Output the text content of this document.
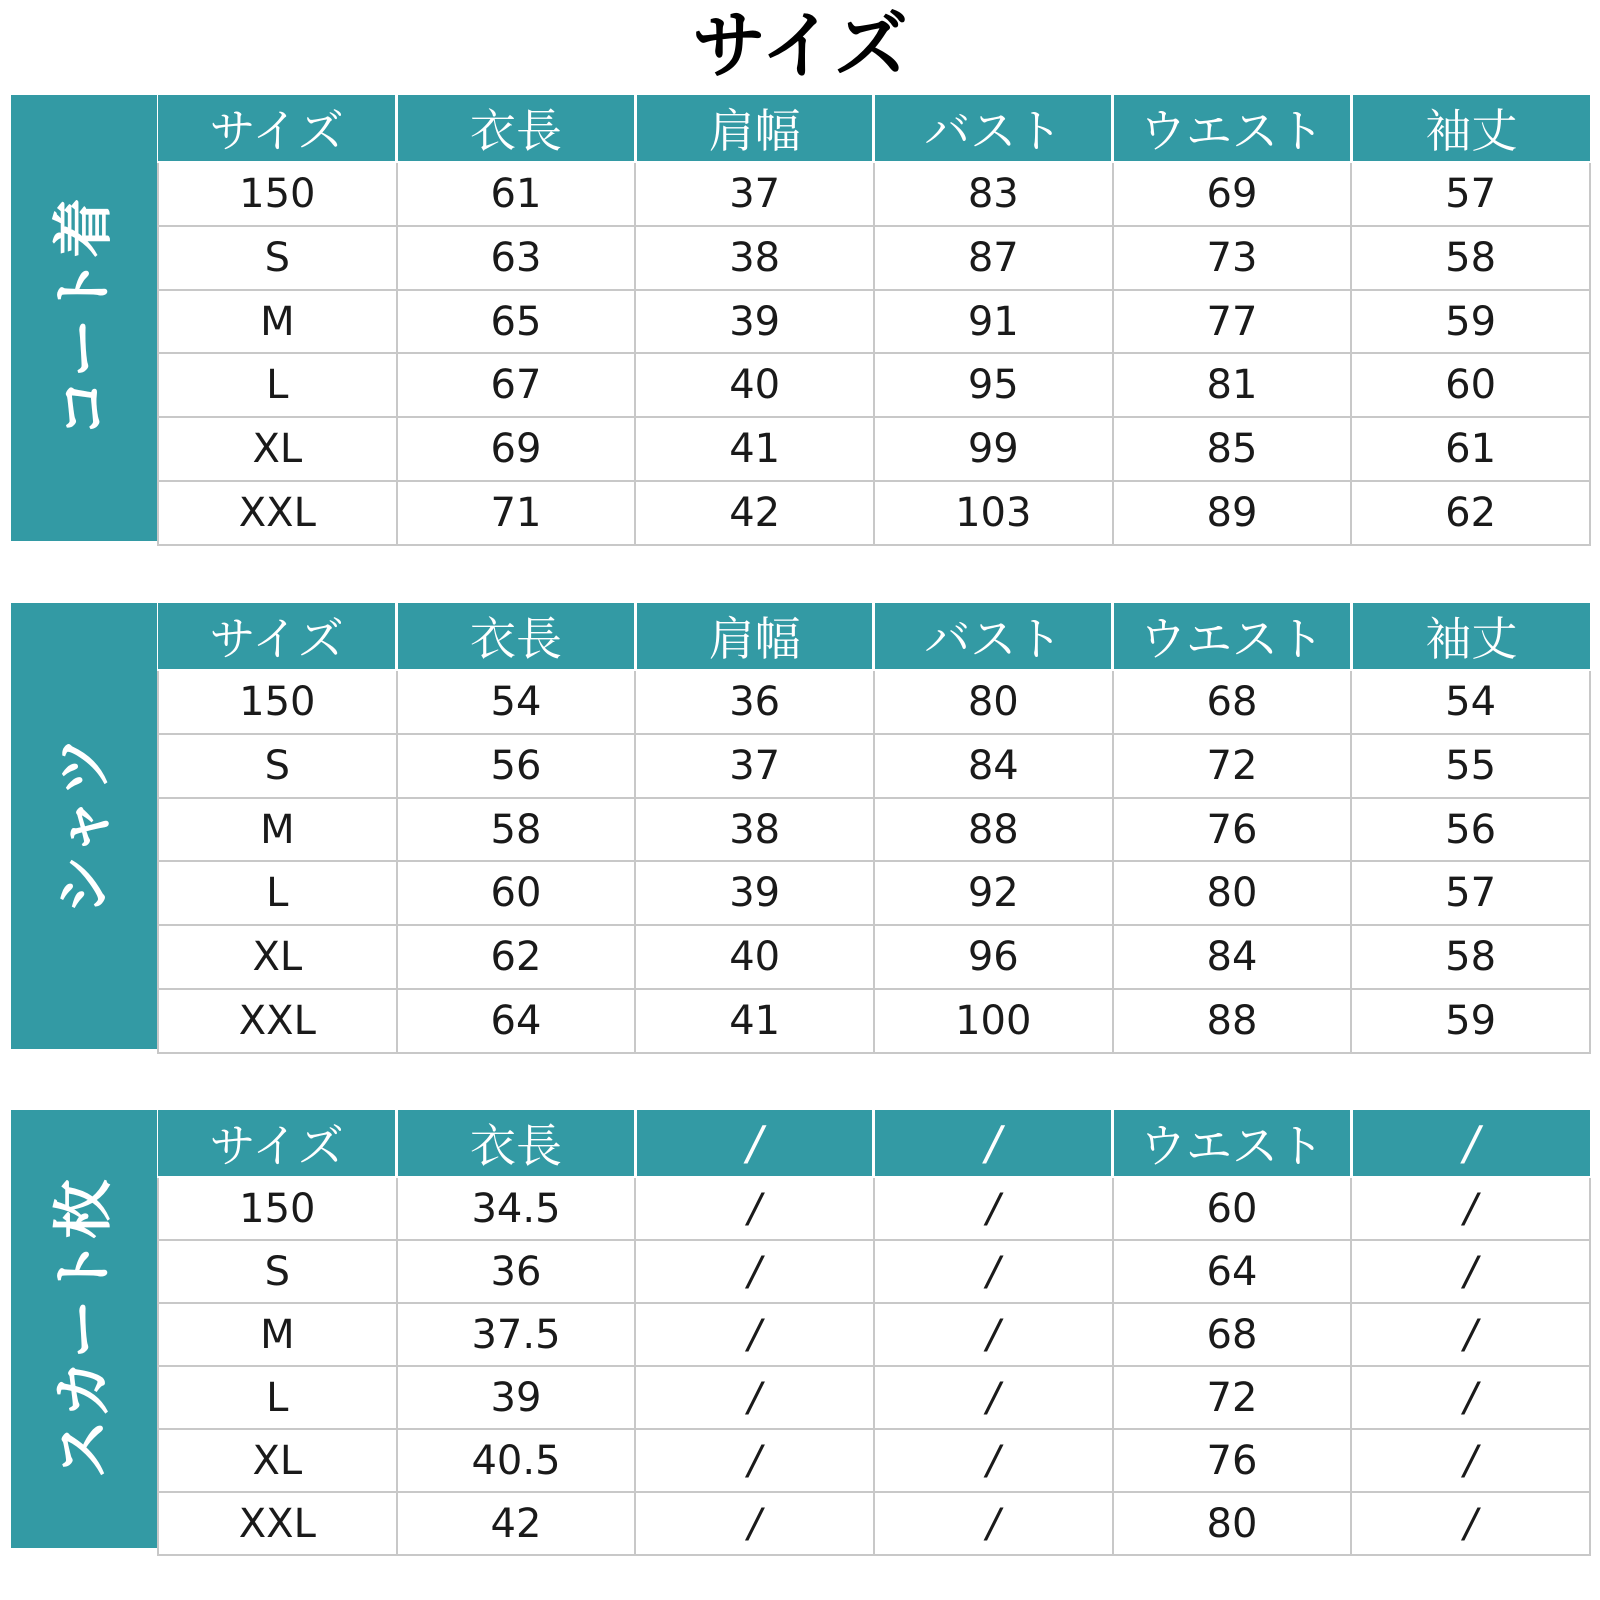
サイズ
コート着
サイズ	衣長	肩幅	バスト	ウエスト	袖丈
150	61	37	83	69	57
S	63	38	87	73	58
M	65	39	91	77	59
L	67	40	95	81	60
XL	69	41	99	85	61
XXL	71	42	103	89	62
シャツ
サイズ	衣長	肩幅	バスト	ウエスト	袖丈
150	54	36	80	68	54
S	56	37	84	72	55
M	58	38	88	76	56
L	60	39	92	80	57
XL	62	40	96	84	58
XXL	64	41	100	88	59
スカート枚
サイズ	衣長	/	/	ウエスト	/
150	34.5	/	/	60	/
S	36	/	/	64	/
M	37.5	/	/	68	/
L	39	/	/	72	/
XL	40.5	/	/	76	/
XXL	42	/	/	80	/
